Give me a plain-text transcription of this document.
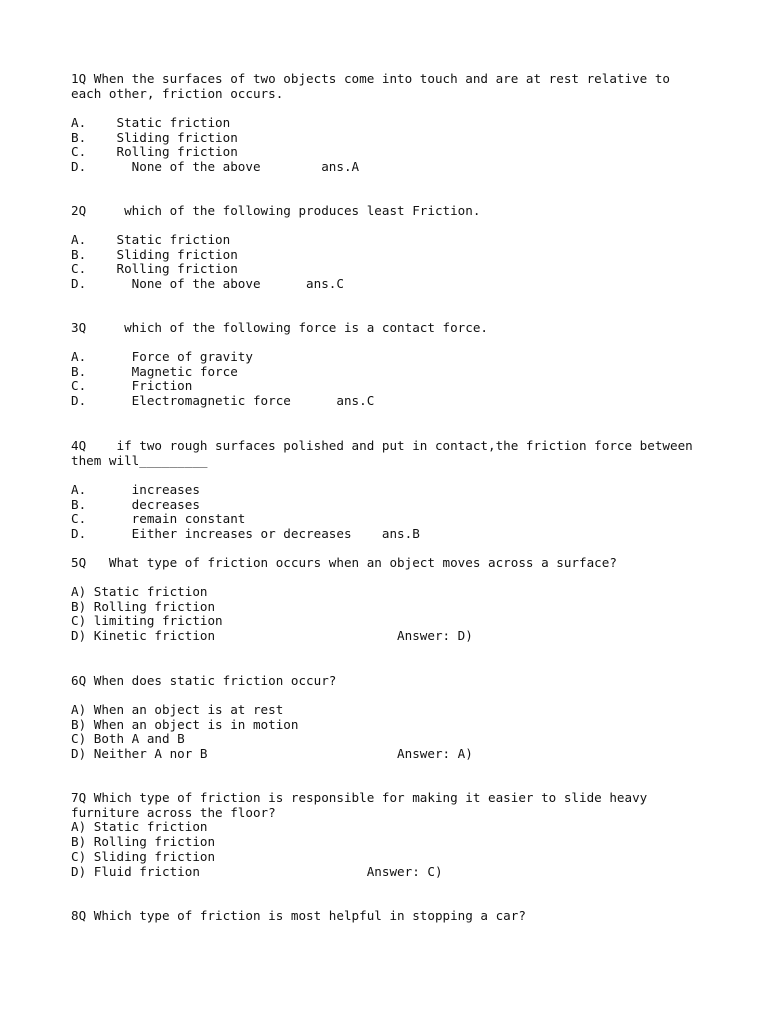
1Q When the surfaces of two objects come into touch and are at rest relative to
each other, friction occurs.
A.    Static friction
B.    Sliding friction
C.    Rolling friction
D.      None of the above        ans.A
2Q     which of the following produces least Friction.
A.    Static friction
B.    Sliding friction
C.    Rolling friction
D.      None of the above      ans.C
3Q     which of the following force is a contact force.
A.      Force of gravity
B.      Magnetic force
C.      Friction
D.      Electromagnetic force      ans.C
4Q    if two rough surfaces polished and put in contact,the friction force between
them will_________
A.      increases
B.      decreases
C.      remain constant
D.      Either increases or decreases    ans.B
5Q   What type of friction occurs when an object moves across a surface?
A) Static friction
B) Rolling friction
C) limiting friction
D) Kinetic friction                        Answer: D)
6Q When does static friction occur?
A) When an object is at rest
B) When an object is in motion
C) Both A and B
D) Neither A nor B                         Answer: A)
7Q Which type of friction is responsible for making it easier to slide heavy
furniture across the floor?
A) Static friction
B) Rolling friction
C) Sliding friction
D) Fluid friction                      Answer: C)
8Q Which type of friction is most helpful in stopping a car?
